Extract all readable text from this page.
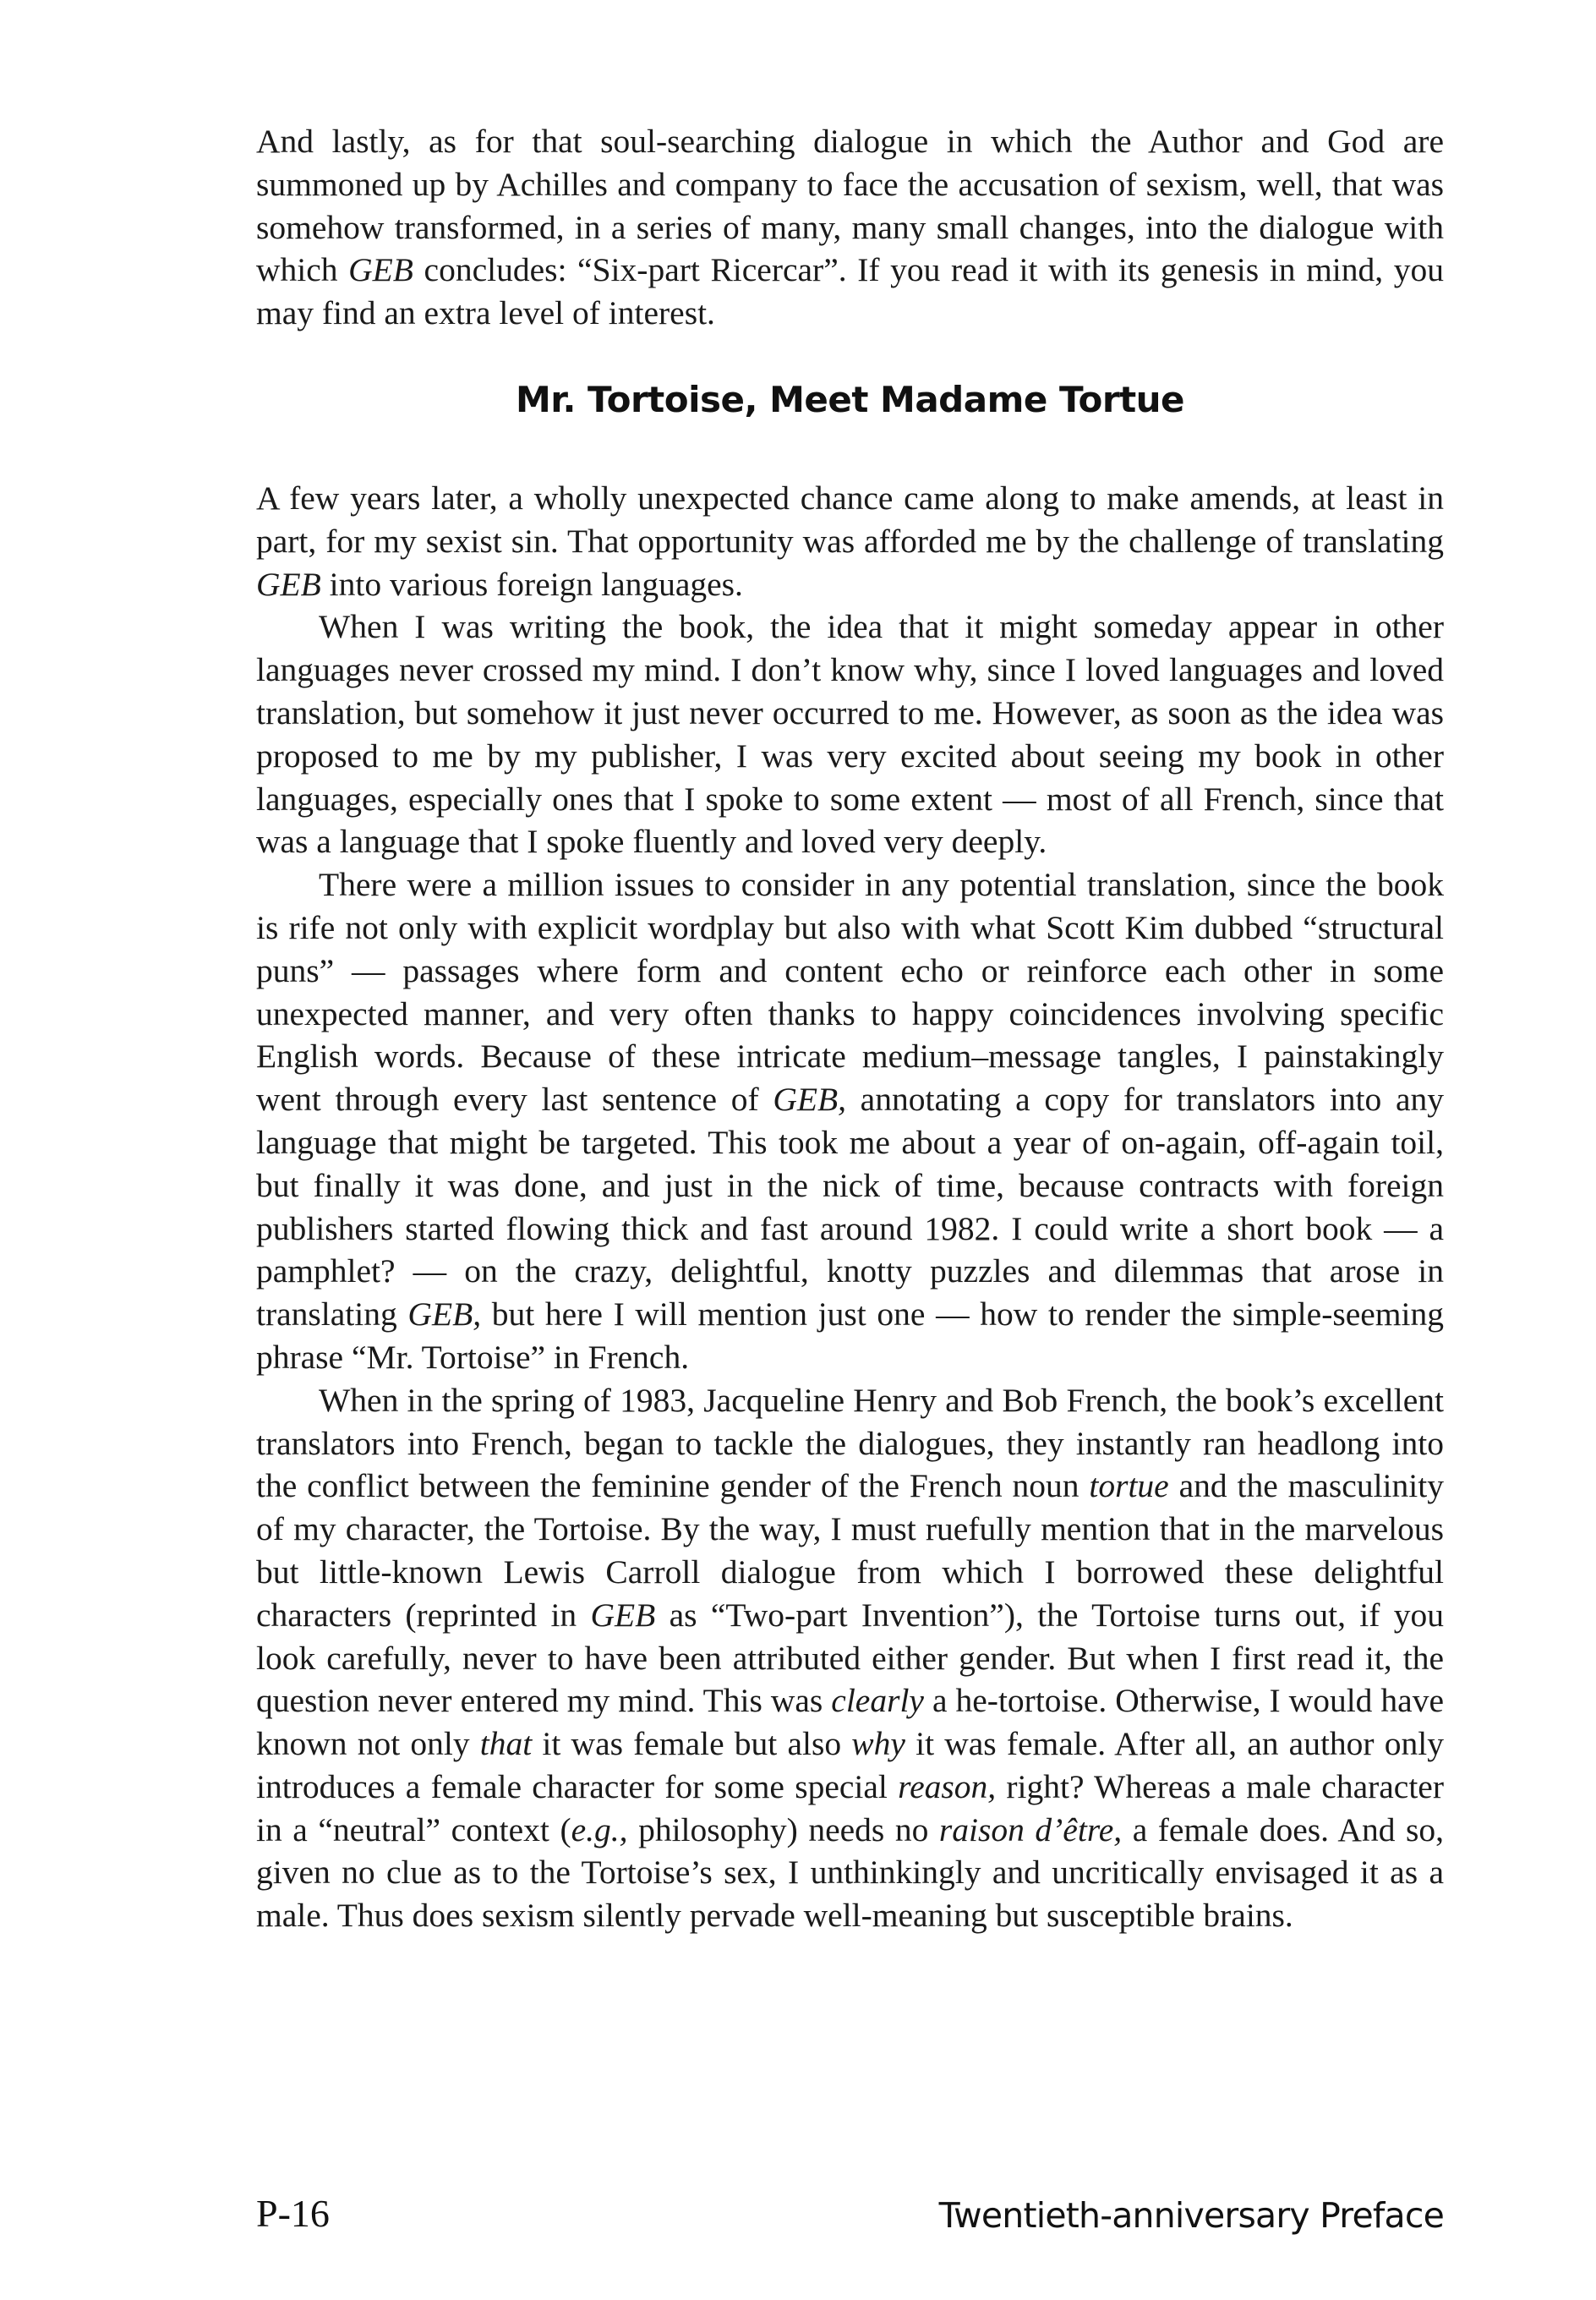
And lastly, as for that soul-searching dialogue in which the Author and God are summoned up by Achilles and company to face the accusation of sexism, well, that was somehow transformed, in a series of many, many small changes, into the dialogue with which GEB concludes: “Six-part Ricercar”. If you read it with its genesis in mind, you may find an extra level of interest.

Mr. Tortoise, Meet Madame Tortue

A few years later, a wholly unexpected chance came along to make amends, at least in part, for my sexist sin. That opportunity was afforded me by the challenge of translating GEB into various foreign languages.

When I was writing the book, the idea that it might someday appear in other languages never crossed my mind. I don’t know why, since I loved languages and loved translation, but somehow it just never occurred to me. However, as soon as the idea was proposed to me by my publisher, I was very excited about seeing my book in other languages, especially ones that I spoke to some extent — most of all French, since that was a language that I spoke fluently and loved very deeply.

There were a million issues to consider in any potential translation, since the book is rife not only with explicit wordplay but also with what Scott Kim dubbed “structural puns” — passages where form and content echo or reinforce each other in some unexpected manner, and very often thanks to happy coincidences involving specific English words. Because of these intricate medium–message tangles, I painstakingly went through every last sentence of GEB, annotating a copy for translators into any language that might be targeted. This took me about a year of on-again, off-again toil, but finally it was done, and just in the nick of time, because contracts with foreign publishers started flowing thick and fast around 1982. I could write a short book — a pamphlet? — on the crazy, delightful, knotty puzzles and dilemmas that arose in translating GEB, but here I will mention just one — how to render the simple-seeming phrase “Mr. Tortoise” in French.

When in the spring of 1983, Jacqueline Henry and Bob French, the book’s excellent translators into French, began to tackle the dialogues, they instantly ran headlong into the conflict between the feminine gender of the French noun tortue and the masculinity of my character, the Tortoise. By the way, I must ruefully mention that in the marvelous but little-known Lewis Carroll dialogue from which I borrowed these delightful characters (reprinted in GEB as “Two-part Invention”), the Tortoise turns out, if you look carefully, never to have been attributed either gender. But when I first read it, the question never entered my mind. This was clearly a he-tortoise. Otherwise, I would have known not only that it was female but also why it was female. After all, an author only introduces a female character for some special reason, right? Whereas a male character in a “neutral” context (e.g., philosophy) needs no raison d’être, a female does. And so, given no clue as to the Tortoise’s sex, I unthinkingly and uncritically envisaged it as a male. Thus does sexism silently pervade well-meaning but susceptible brains.

P-16	Twentieth-anniversary Preface
